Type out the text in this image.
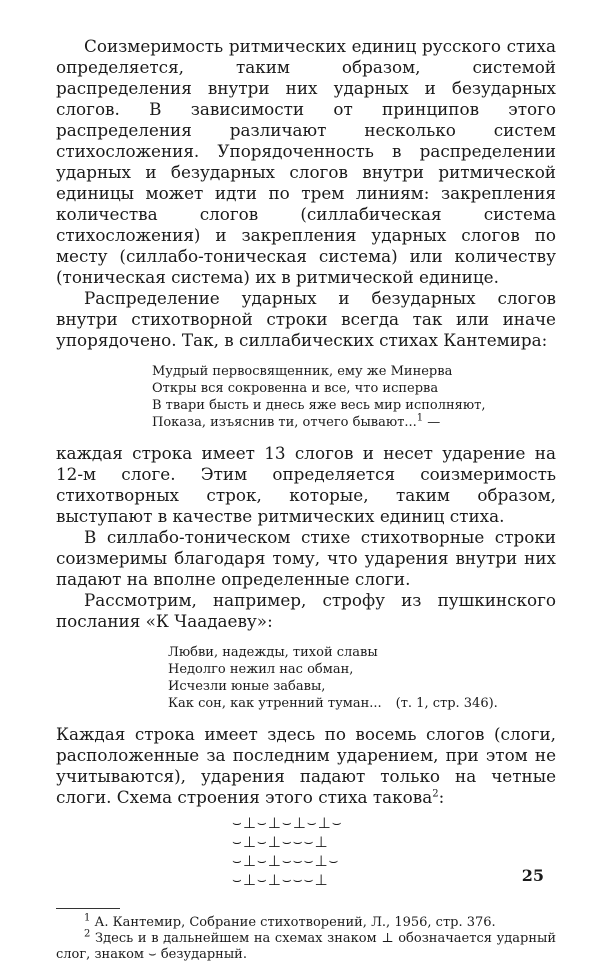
Соизмеримость ритмических единиц русского стиха определяется, таким образом, системой распределения внутри них ударных и безударных слогов. В зависимости от принципов этого распределения различают несколько систем стихосложения. Упорядоченность в распределении ударных и безударных слогов внутри ритмической единицы может идти по трем линиям: закрепления количества слогов (силлабическая система стихосложения) и закрепления ударных слогов по месту (силлабо-тоническая система) или количеству (тоническая система) их в ритмической единице.

Распределение ударных и безударных слогов внутри стихотворной строки всегда так или иначе упорядочено. Так, в силлабических стихах Кантемира:

Мудрый первосвященник, ему же Минерва
Откры вся сокровенна и все, что исперва
В твари бысть и днесь яже весь мир исполняют,
Показа, изъяснив ти, отчего бывают...$^1$ —

каждая строка имеет 13 слогов и несет ударение на 12-м слоге. Этим определяется соизмеримость стихотворных строк, которые, таким образом, выступают в качестве ритмических единиц стиха.

В силлабо-тоническом стихе стихотворные строки соизмеримы благодаря тому, что ударения внутри них падают на вполне определенные слоги.

Рассмотрим, например, строфу из пушкинского послания «К Чаадаеву»:

Любви, надежды, тихой славы
Недолго нежил нас обман,
Исчезли юные забавы,
Как сон, как утренний туман... (т. 1, стр. 346).

Каждая строка имеет здесь по восемь слогов (слоги, расположенные за последним ударением, при этом не учитываются), ударения падают только на четные слоги. Схема строения этого стиха такова$^2$:

⌣⊥⌣⊥⌣⊥⌣⊥⌣
⌣⊥⌣⊥⌣⌣⌣⊥
⌣⊥⌣⊥⌣⌣⌣⊥⌣
⌣⊥⌣⊥⌣⌣⌣⊥

$^1$ А. Кантемир, Собрание стихотворений, Л., 1956, стр. 376.

$^2$ Здесь и в дальнейшем на схемах знаком ⊥ обозначается ударный слог, знаком ⌣ безударный.

25
